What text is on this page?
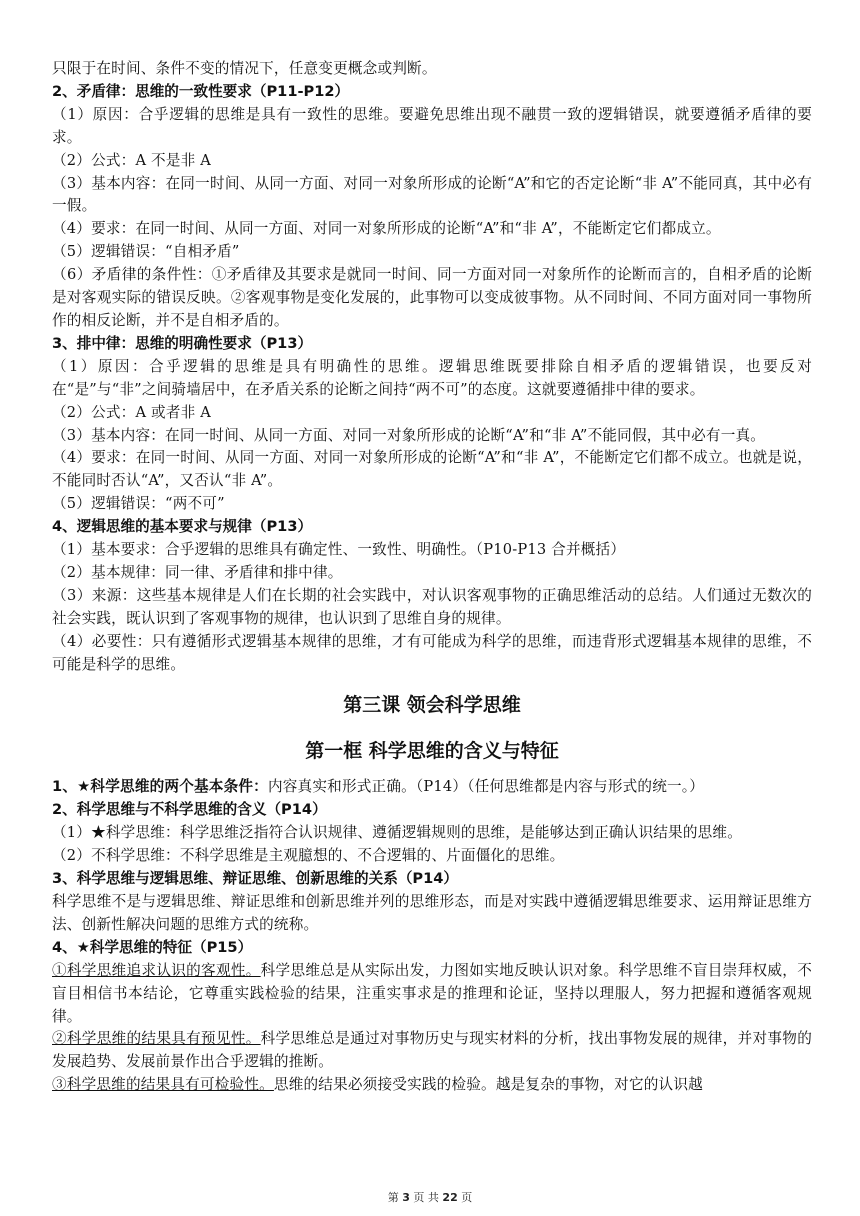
只限于在时间、条件不变的情况下，任意变更概念或判断。

2、矛盾律：思维的一致性要求（P11-P12）

（1）原因：合乎逻辑的思维是具有一致性的思维。要避免思维出现不融贯一致的逻辑错误，就要遵循矛盾律的要求。

（2）公式：A 不是非 A

（3）基本内容：在同一时间、从同一方面、对同一对象所形成的论断“A”和它的否定论断“非 A”不能同真，其中必有一假。

（4）要求：在同一时间、从同一方面、对同一对象所形成的论断“A”和“非 A”，不能断定它们都成立。

（5）逻辑错误：“自相矛盾”

（6）矛盾律的条件性：①矛盾律及其要求是就同一时间、同一方面对同一对象所作的论断而言的，自相矛盾的论断是对客观实际的错误反映。②客观事物是变化发展的，此事物可以变成彼事物。从不同时间、不同方面对同一事物所作的相反论断，并不是自相矛盾的。

3、排中律：思维的明确性要求（P13）

（1）原因：合乎逻辑的思维是具有明确性的思维。逻辑思维既要排除自相矛盾的逻辑错误，也要反对在“是”与“非”之间骑墙居中，在矛盾关系的论断之间持“两不可”的态度。这就要遵循排中律的要求。

（2）公式：A 或者非 A

（3）基本内容：在同一时间、从同一方面、对同一对象所形成的论断“A”和“非 A”不能同假，其中必有一真。

（4）要求：在同一时间、从同一方面、对同一对象所形成的论断“A”和“非 A”，不能断定它们都不成立。也就是说，不能同时否认“A”，又否认“非 A”。

（5）逻辑错误：“两不可”

4、逻辑思维的基本要求与规律（P13）

（1）基本要求：合乎逻辑的思维具有确定性、一致性、明确性。（P10-P13 合并概括）

（2）基本规律：同一律、矛盾律和排中律。

（3）来源：这些基本规律是人们在长期的社会实践中，对认识客观事物的正确思维活动的总结。人们通过无数次的社会实践，既认识到了客观事物的规律，也认识到了思维自身的规律。

（4）必要性：只有遵循形式逻辑基本规律的思维，才有可能成为科学的思维，而违背形式逻辑基本规律的思维，不可能是科学的思维。

第三课 领会科学思维

第一框 科学思维的含义与特征

1、★科学思维的两个基本条件：内容真实和形式正确。（P14）（任何思维都是内容与形式的统一。）

2、科学思维与不科学思维的含义（P14）

（1）★科学思维：科学思维泛指符合认识规律、遵循逻辑规则的思维，是能够达到正确认识结果的思维。

（2）不科学思维：不科学思维是主观臆想的、不合逻辑的、片面僵化的思维。

3、科学思维与逻辑思维、辩证思维、创新思维的关系（P14）

科学思维不是与逻辑思维、辩证思维和创新思维并列的思维形态，而是对实践中遵循逻辑思维要求、运用辩证思维方法、创新性解决问题的思维方式的统称。

4、★科学思维的特征（P15）

①科学思维追求认识的客观性。科学思维总是从实际出发，力图如实地反映认识对象。科学思维不盲目崇拜权威，不盲目相信书本结论，它尊重实践检验的结果，注重实事求是的推理和论证，坚持以理服人，努力把握和遵循客观规律。

②科学思维的结果具有预见性。科学思维总是通过对事物历史与现实材料的分析，找出事物发展的规律，并对事物的发展趋势、发展前景作出合乎逻辑的推断。

③科学思维的结果具有可检验性。思维的结果必须接受实践的检验。越是复杂的事物，对它的认识越

第 3 页 共 22 页
